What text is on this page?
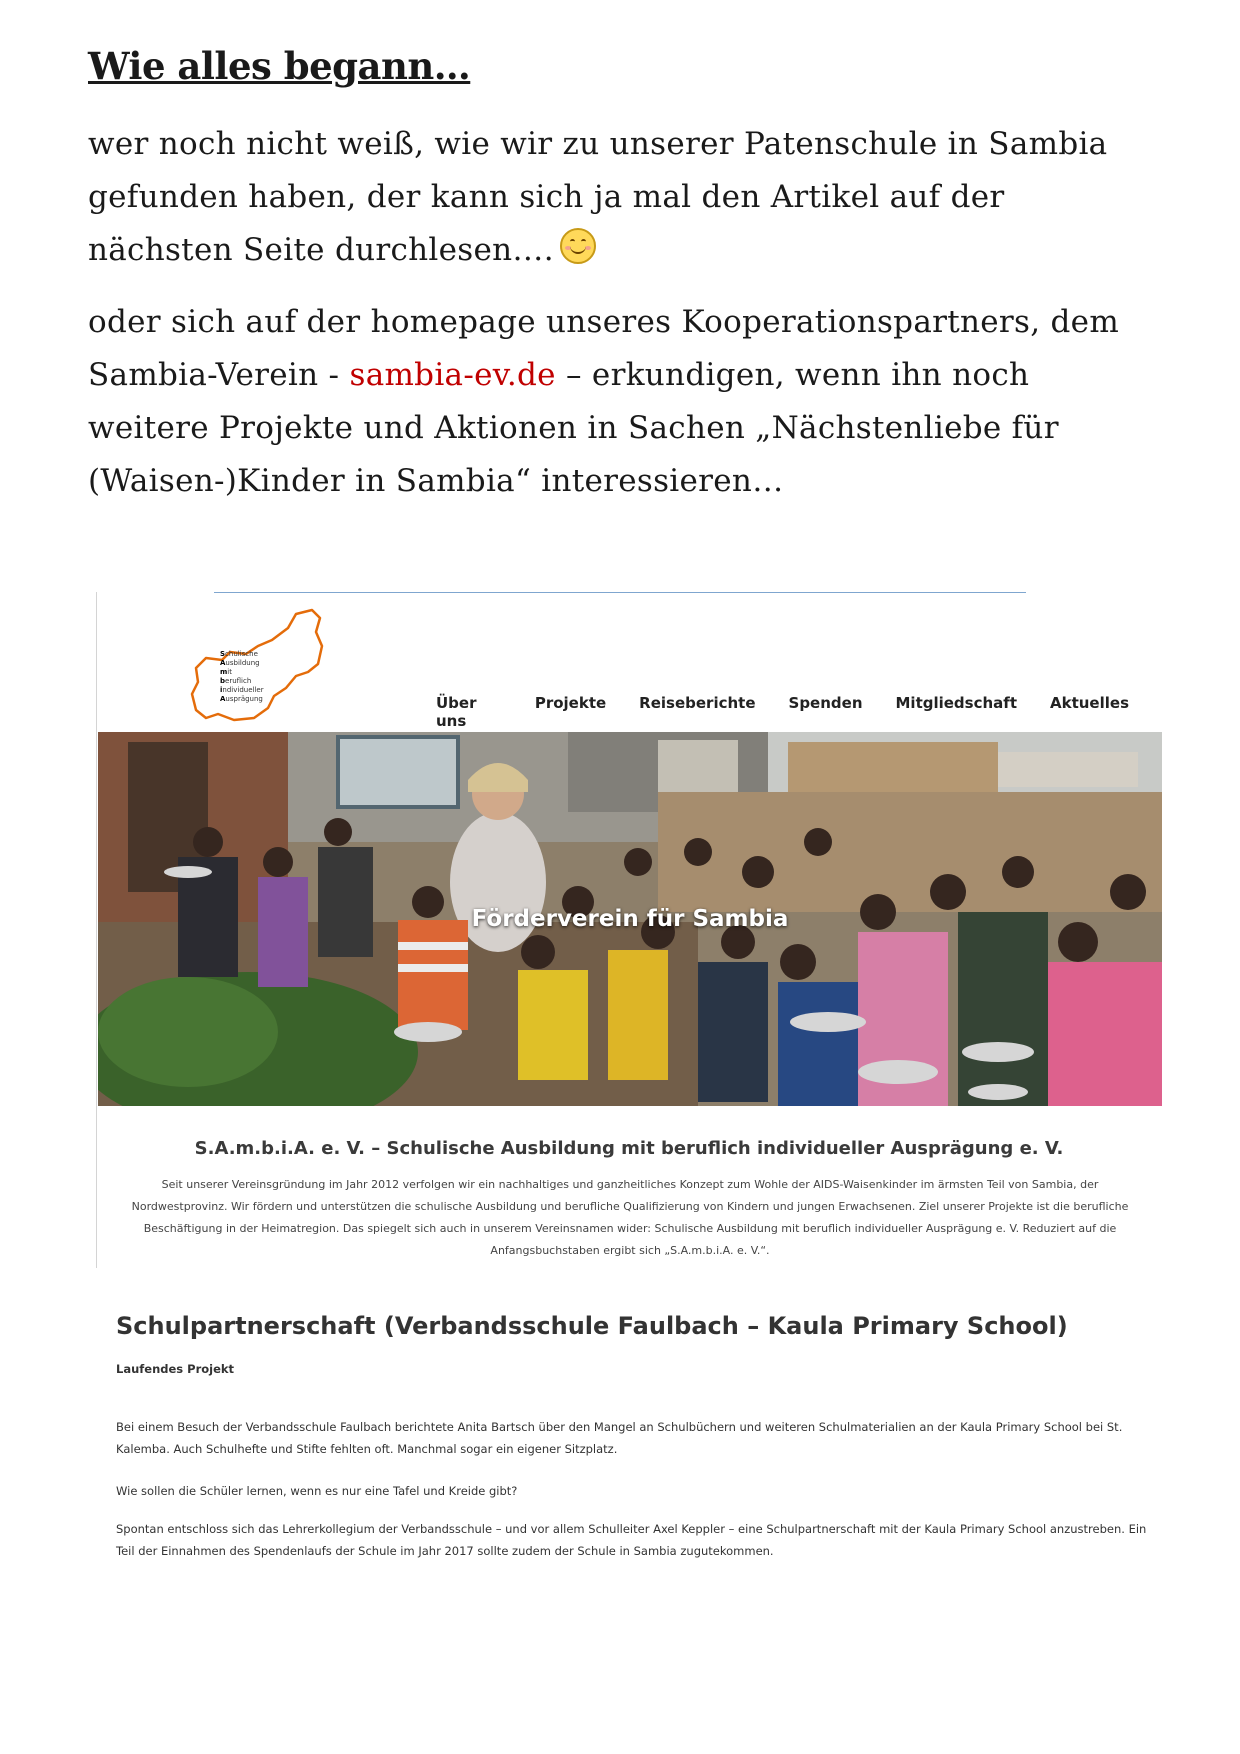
Wie alles begann…

wer noch nicht weiß, wie wir zu unserer Patenschule in Sambia gefunden haben, der kann sich ja mal den Artikel auf der nächsten Seite durchlesen….

oder sich auf der homepage unseres Kooperationspartners, dem Sambia-Verein - sambia-ev.de – erkundigen, wenn ihn noch weitere Projekte und Aktionen in Sachen „Nächstenliebe für (Waisen-)Kinder in Sambia“ interessieren…

Schulische
Ausbildung
mit
beruflich
individueller
Ausprägung	Über uns
Projekte Reiseberichte Spenden Mitgliedschaft Aktuelles
Förderverein für Sambia
S.A.m.b.i.A. e. V. – Schulische Ausbildung mit beruflich individueller Ausprägung e. V.
Seit unserer Vereinsgründung im Jahr 2012 verfolgen wir ein nachhaltiges und ganzheitliches Konzept zum Wohle der AIDS-Waisenkinder im ärmsten Teil von Sambia, der Nordwestprovinz. Wir fördern und unterstützen die schulische Ausbildung und berufliche Qualifizierung von Kindern und jungen Erwachsenen. Ziel unserer Projekte ist die berufliche Beschäftigung in der Heimatregion. Das spiegelt sich auch in unserem Vereinsnamen wider: Schulische Ausbildung mit beruflich individueller Ausprägung e. V. Reduziert auf die Anfangsbuchstaben ergibt sich „S.A.m.b.i.A. e. V.“.
Schulpartnerschaft (Verbandsschule Faulbach – Kaula Primary School)
Laufendes Projekt

Bei einem Besuch der Verbandsschule Faulbach berichtete Anita Bartsch über den Mangel an Schulbüchern und weiteren Schulmaterialien an der Kaula Primary School bei St. Kalemba. Auch Schulhefte und Stifte fehlten oft. Manchmal sogar ein eigener Sitzplatz.

Wie sollen die Schüler lernen, wenn es nur eine Tafel und Kreide gibt?

Spontan entschloss sich das Lehrerkollegium der Verbandsschule – und vor allem Schulleiter Axel Keppler – eine Schulpartnerschaft mit der Kaula Primary School anzustreben. Ein Teil der Einnahmen des Spendenlaufs der Schule im Jahr 2017 sollte zudem der Schule in Sambia zugutekommen.
